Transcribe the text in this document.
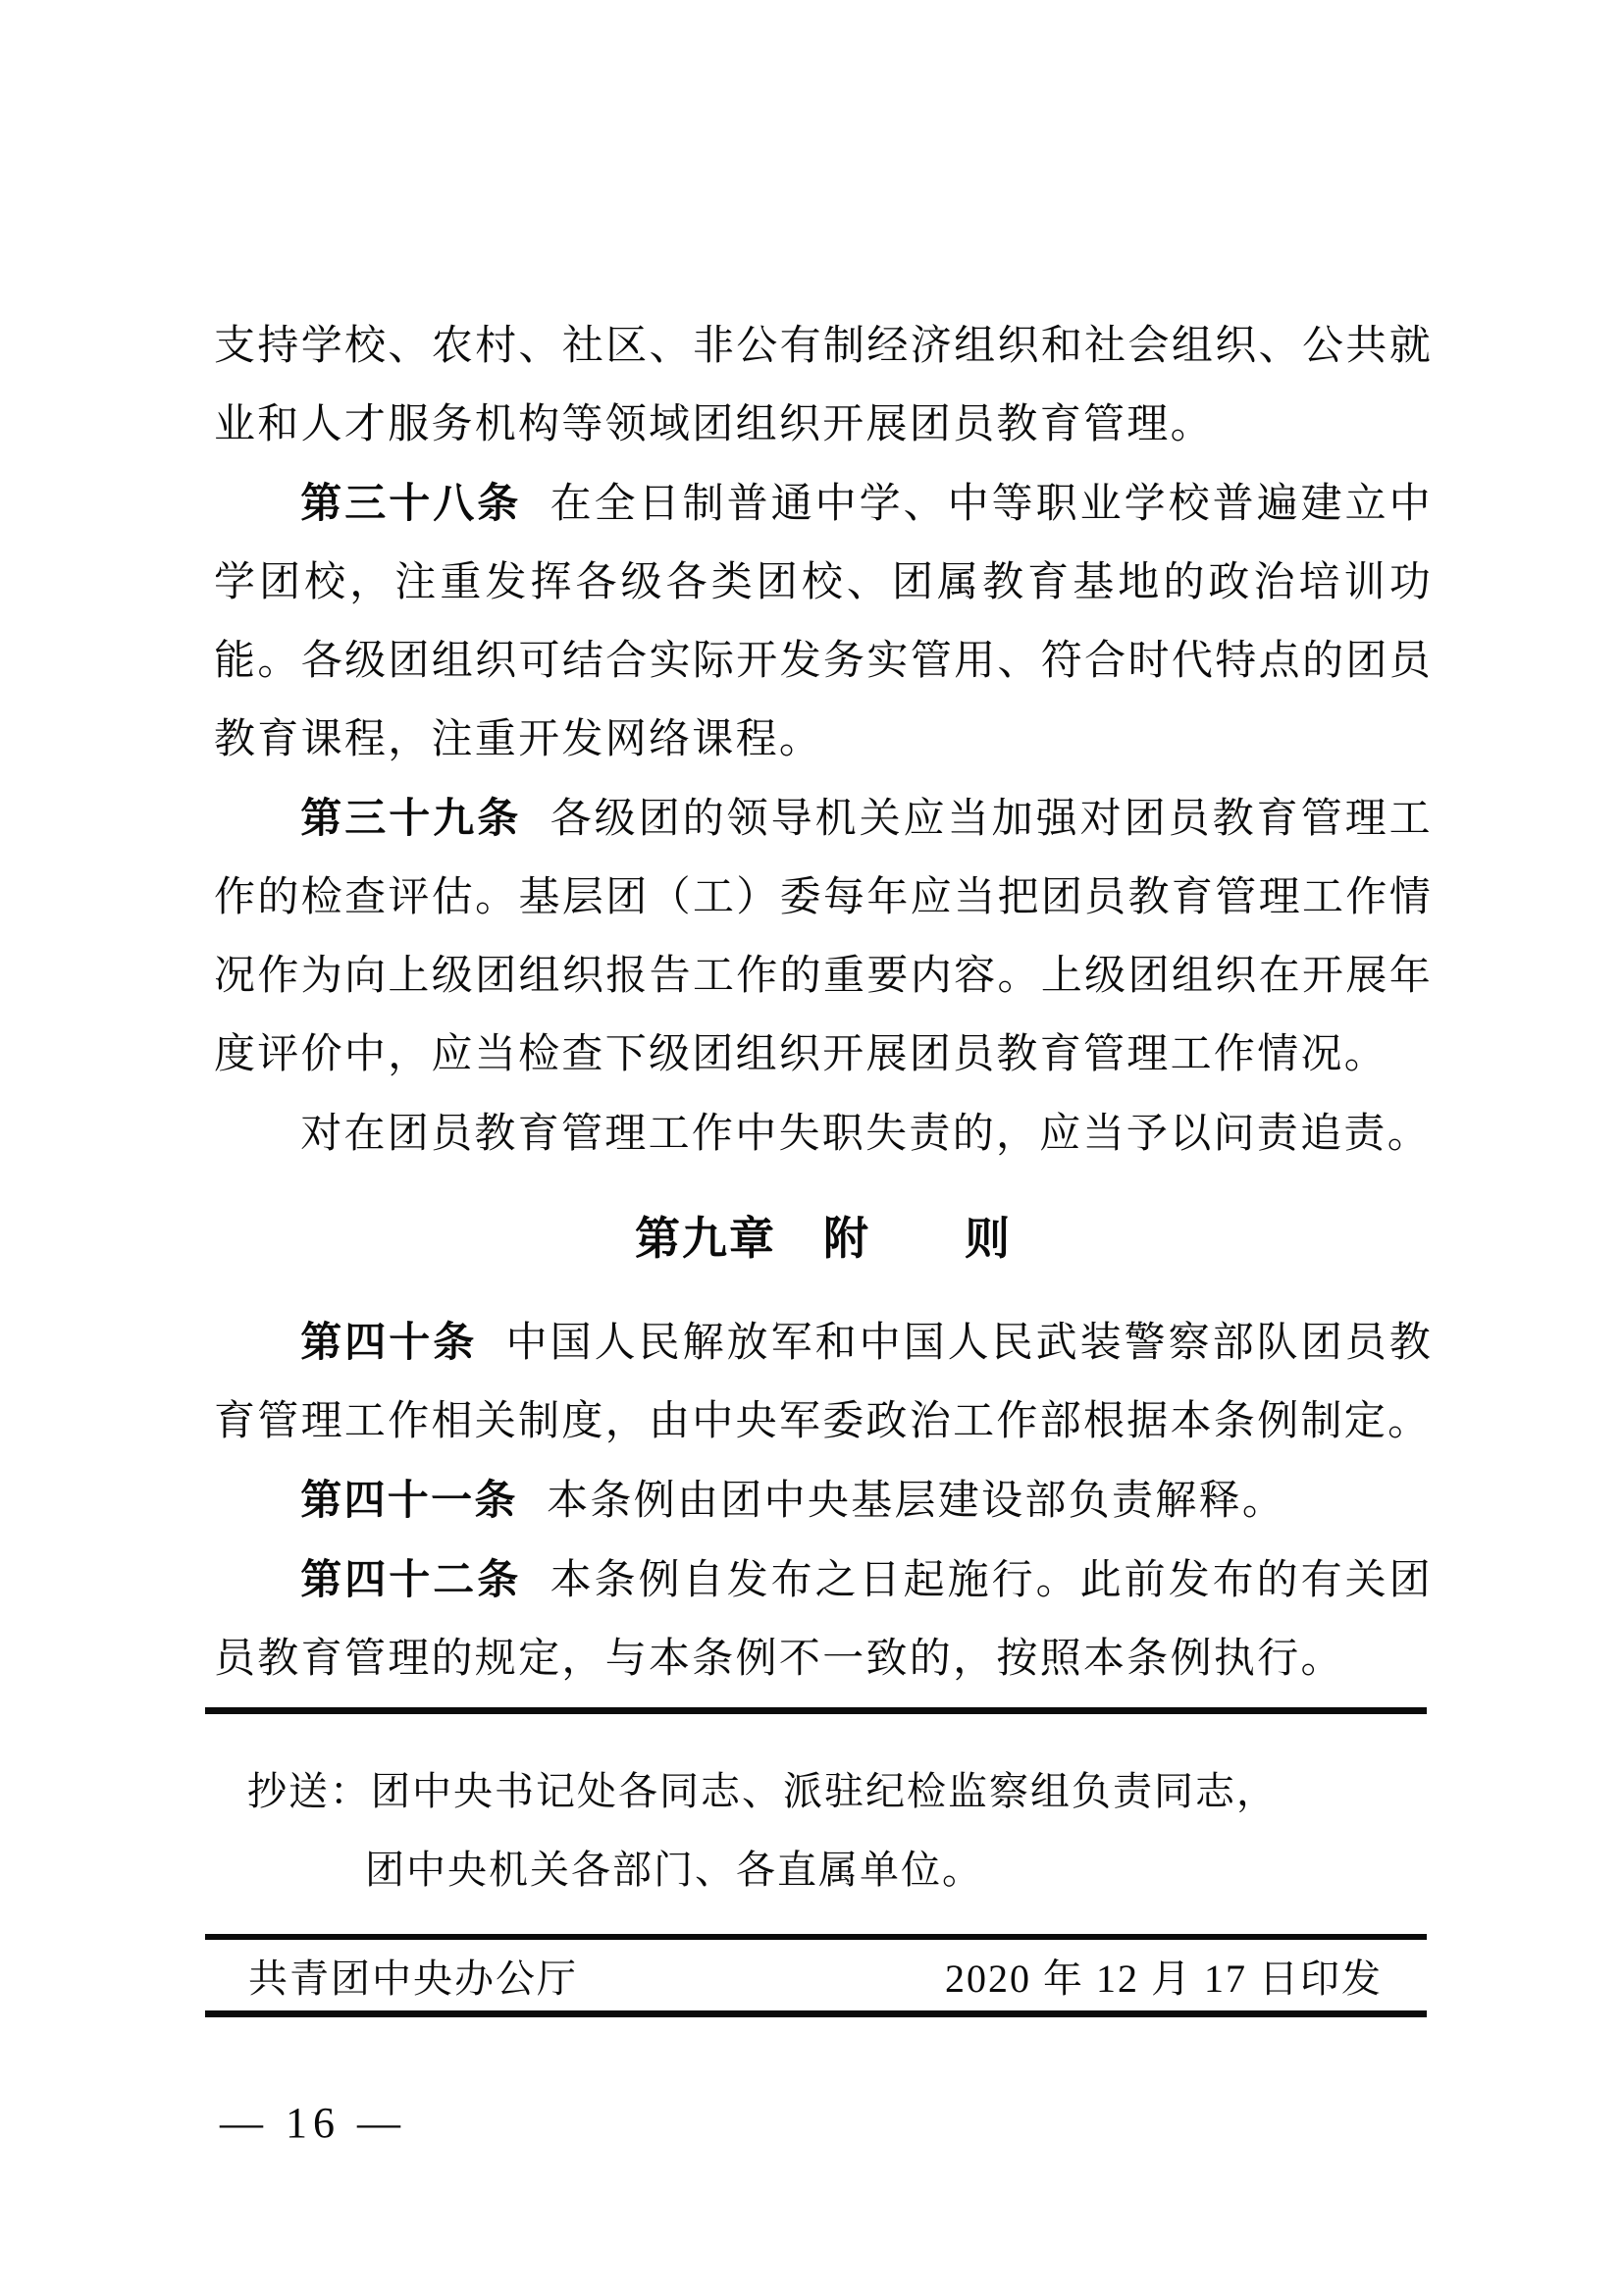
支持学校、农村、社区、非公有制经济组织和社会组织、公共就业和人才服务机构等领域团组织开展团员教育管理。

第三十八条 在全日制普通中学、中等职业学校普遍建立中学团校，注重发挥各级各类团校、团属教育基地的政治培训功能。各级团组织可结合实际开发务实管用、符合时代特点的团员教育课程，注重开发网络课程。

第三十九条 各级团的领导机关应当加强对团员教育管理工作的检查评估。基层团（工）委每年应当把团员教育管理工作情况作为向上级团组织报告工作的重要内容。上级团组织在开展年度评价中，应当检查下级团组织开展团员教育管理工作情况。

对在团员教育管理工作中失职失责的，应当予以问责追责。

第九章　附　　则

第四十条 中国人民解放军和中国人民武装警察部队团员教育管理工作相关制度，由中央军委政治工作部根据本条例制定。

第四十一条 本条例由团中央基层建设部负责解释。

第四十二条 本条例自发布之日起施行。此前发布的有关团员教育管理的规定，与本条例不一致的，按照本条例执行。

抄送：团中央书记处各同志、派驻纪检监察组负责同志，
团中央机关各部门、各直属单位。
共青团中央办公厅	2020 年 12 月 17 日印发
— 16 —
